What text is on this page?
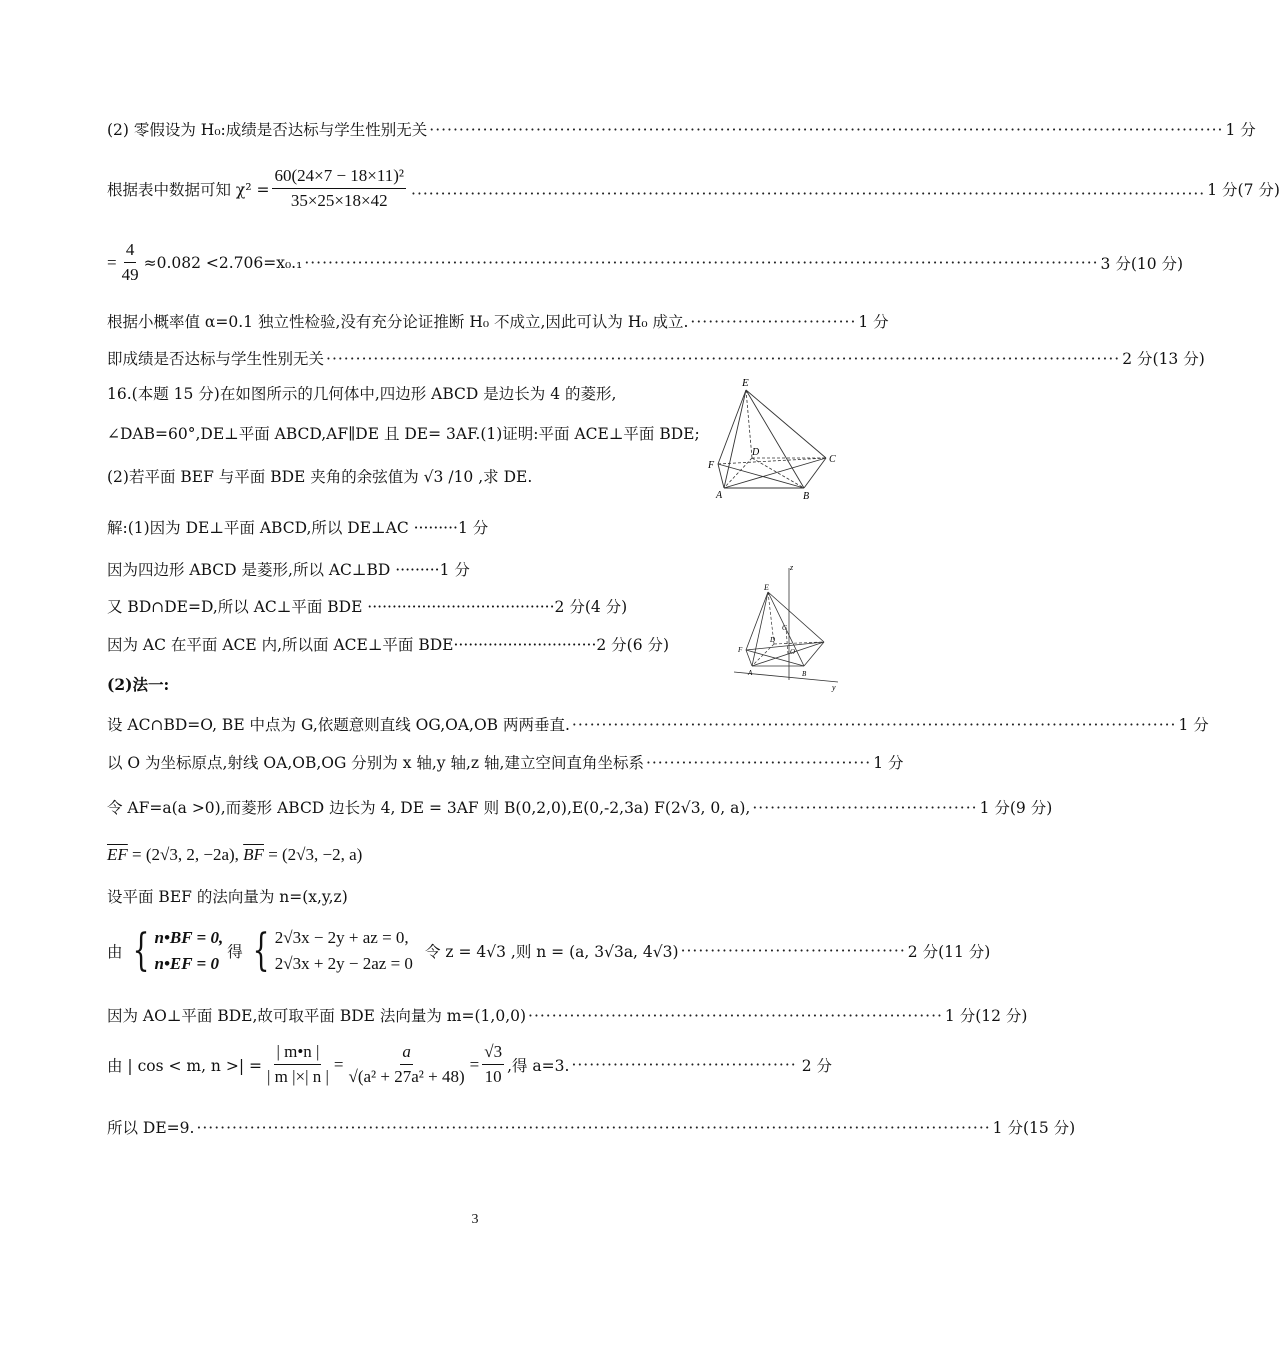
(2) 零假设为 H₀:成绩是否达标与学生性别无关 ······································································································································ 1 分
根据表中数据可知 $\chi^2 = \frac{\text{60(24×7 − 18×11)²}}{35\times 25\times 18\times 42}$ ······································································································································ 1 分(7 分)
= $\frac{4}{49} \approx 0.082 <2.706=x_0._1$ ······································································································································ 3 分(10 分)
根据小概率值 α=0.1 独立性检验,没有充分论证推断 H₀ 不成立,因此可认为 H₀ 成立. ···························· 1 分
即成绩是否达标与学生性别无关 ······································································································································ 2 分(13 分)
16.(本题 15 分)在如图所示的几何体中,四边形 ABCD 是边长为 4 的菱形,
∠DAB=60°,DE⊥平面 ABCD,AF∥DE 且 DE= 3AF.(1)证明:平面 ACE⊥平面 BDE;
(2)若平面 BEF 与平面 BDE 夹角的余弦值为 √3 /10 ,求 DE.
E
D
C
F
A	B
解:(1)因为 DE⊥平面 ABCD,所以 DE⊥AC ·········1 分
因为四边形 ABCD 是菱形,所以 AC⊥BD ·········1 分
又 BD∩DE=D,所以 AC⊥平面 BDE ······································2 分(4 分)
因为 AC 在平面 ACE 内,所以面 ACE⊥平面 BDE·····························2 分(6 分)
z
E
G
D
O
F
A	B
y
(2)法一:
设 AC∩BD=O, BE 中点为 G,依题意则直线 OG,OA,OB 两两垂直. ······································································································ 1 分
以 O 为坐标原点,射线 OA,OB,OG 分别为 x 轴,y 轴,z 轴,建立空间直角坐标系 ······································ 1 分
令 AF=a(a >0),而菱形 ABCD 边长为 4, DE = 3AF 则 B(0,2,0),E(0,-2,3a) F(2√3, 0, a), ······································ 1 分(9 分)
$\overline{EF} = (2√3$, 2, −2a), $\overline{BF} = (2√3$, −2, a)
设平面 BEF 的法向量为 n=(x,y,z)
由 { n•BF = 0,
n•EF = 0
得 { 2√3x − 2y + az = 0,
2√3x + 2y − 2az = 0
令 z = 4√3 ,则 n = (a, 3√3a, 4√3) ······································ 2 分(11 分)
因为 AO⊥平面 BDE,故可取平面 BDE 法向量为 m=(1,0,0) ······································································ 1 分(12 分)
由 | cos < m, n >| = $\frac{| m•n |}{| m |\times| n |} = \frac{a}{\text{√(a² + 27a² + 48)}} = \frac{√3}{10}$ ,得 a=3. ······································ 2 分
所以 DE=9. ······································································································································ 1 分(15 分)
3
